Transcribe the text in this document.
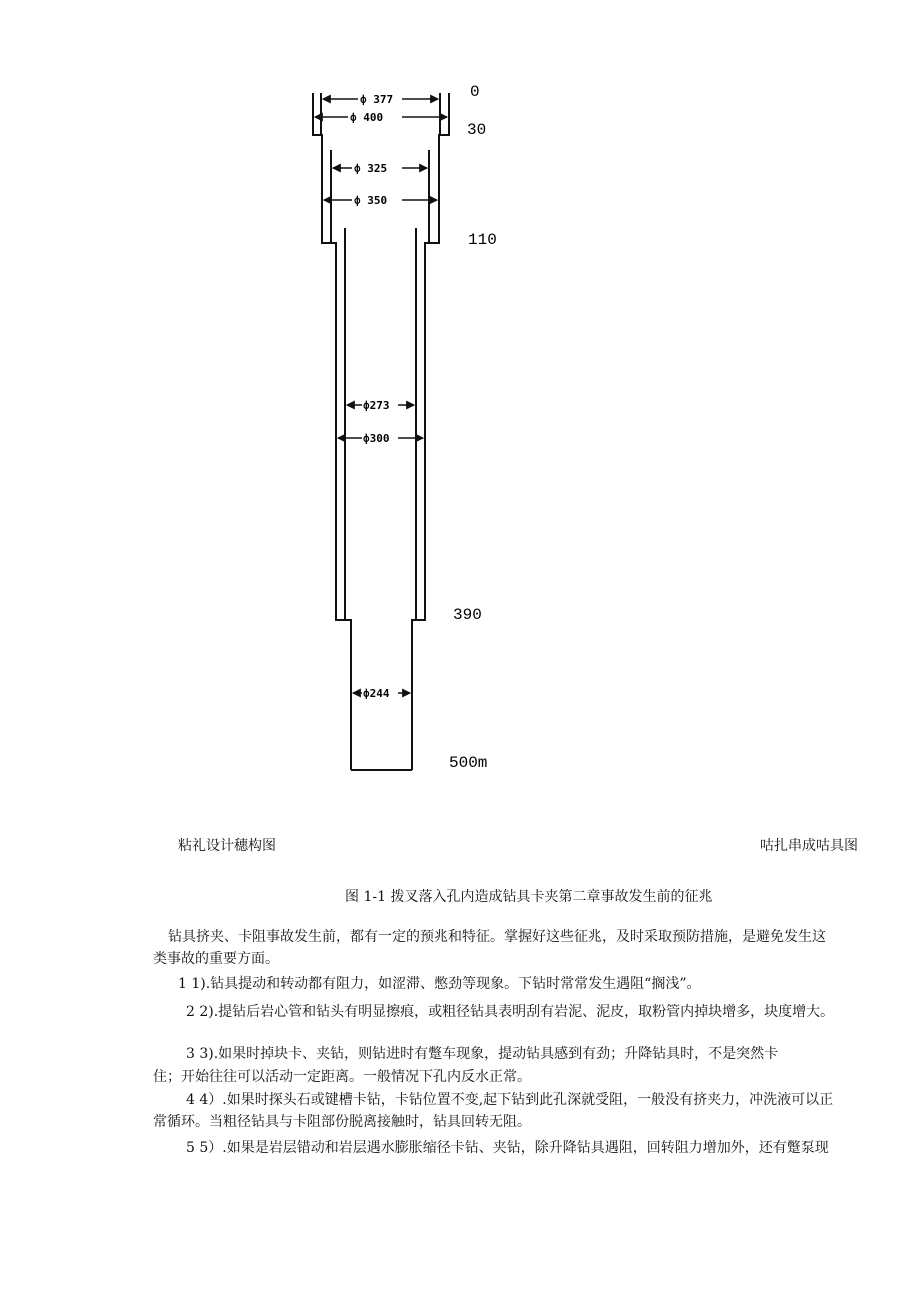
ф 377
ф 400
ф 325
ф 350
ф273
ф300
ф244
0
30
110
390
500m
粘礼设计穗构图	咕扎串成咕具图
图 1-1 拨叉落入孔内造成钻具卡夹第二章事故发生前的征兆
钻具挤夹、卡阻事故发生前，都有一定的预兆和特征。掌握好这些征兆，及时采取预防措施，是避免发生这
类事故的重要方面。
1 1).钻具提动和转动都有阻力，如涩滞、憋劲等现象。下钻时常常发生遇阻“搁浅”。
2 2).提钻后岩心管和钻头有明显擦痕，或粗径钻具表明刮有岩泥、泥皮，取粉管内掉块增多，块度增大。
3 3).如果时掉块卡、夹钻，则钻进时有蹩车现象，提动钻具感到有劲；升降钻具时，不是突然卡
住；开始往往可以活动一定距离。一般情况下孔内反水正常。
4 4）.如果时探头石或键槽卡钻，卡钻位置不变,起下钻到此孔深就受阻，一般没有挤夹力，冲洗液可以正
常循环。当粗径钻具与卡阻部份脱离接触时，钻具回转无阻。
5 5）.如果是岩层错动和岩层遇水膨胀缩径卡钻、夹钻，除升降钻具遇阻，回转阻力增加外，还有蹩泵现
